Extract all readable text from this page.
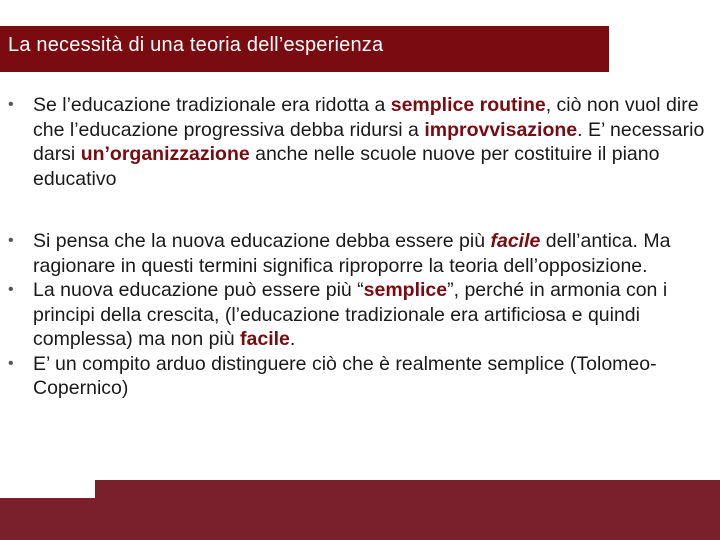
La necessità di una teoria dell’esperienza
• Se l’educazione tradizionale era ridotta a semplice routine, ciò non vuol dire che l’educazione progressiva debba ridursi a improvvisazione. E’ necessario darsi un’organizzazione anche nelle scuole nuove per costituire il piano educativo
• Si pensa che la nuova educazione debba essere più facile dell’antica. Ma ragionare in questi termini significa riproporre la teoria dell’opposizione.
• La nuova educazione può essere più “semplice”, perché in armonia con i principi della crescita, (l’educazione tradizionale era artificiosa e quindi complessa) ma non più facile.
• E’ un compito arduo distinguere ciò che è realmente semplice (Tolomeo-Copernico)
